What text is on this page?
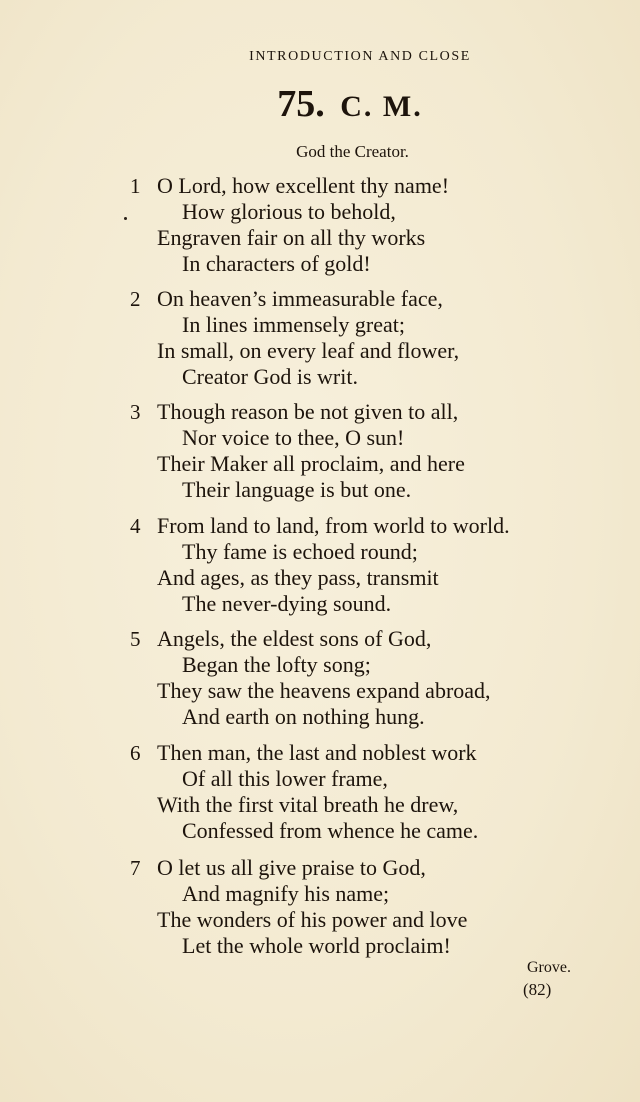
INTRODUCTION AND CLOSE
75. C. M.
God the Creator.
1 O Lord, how excellent thy name!
How glorious to behold,
Engraven fair on all thy works
In characters of gold!
2 On heaven’s immeasurable face,
In lines immensely great;
In small, on every leaf and flower,
Creator God is writ.
3 Though reason be not given to all,
Nor voice to thee, O sun!
Their Maker all proclaim, and here
Their language is but one.
4 From land to land, from world to world.
Thy fame is echoed round;
And ages, as they pass, transmit
The never-dying sound.
5 Angels, the eldest sons of God,
Began the lofty song;
They saw the heavens expand abroad,
And earth on nothing hung.
6 Then man, the last and noblest work
Of all this lower frame,
With the first vital breath he drew,
Confessed from whence he came.
7 O let us all give praise to God,
And magnify his name;
The wonders of his power and love
Let the whole world proclaim!
Grove.
(82)
